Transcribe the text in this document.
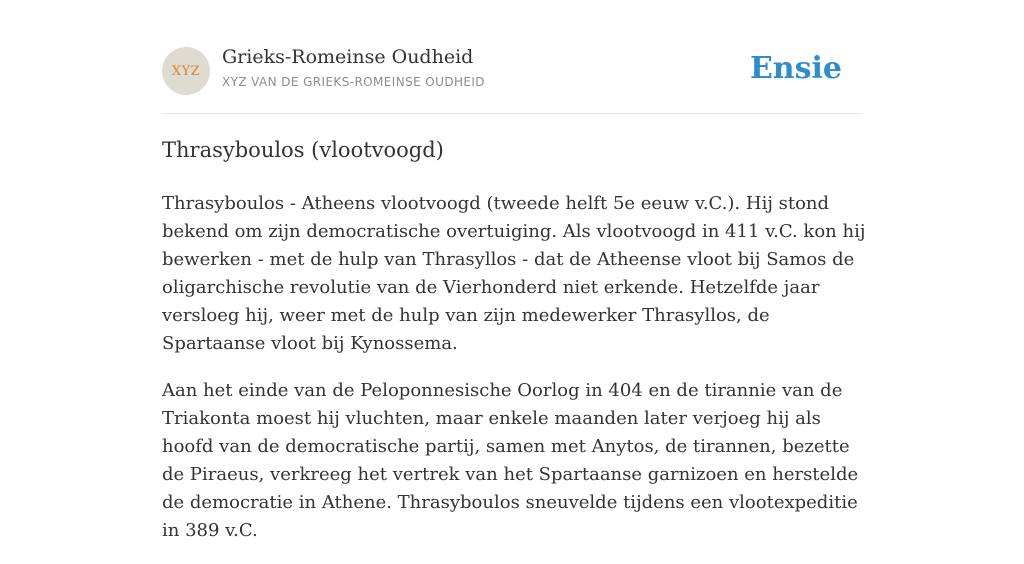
XYZ
Grieks-Romeinse Oudheid
XYZ VAN DE GRIEKS-ROMEINSE OUDHEID	Ensie
Thrasyboulos (vlootvoogd)

Thrasyboulos - Atheens vlootvoogd (tweede helft 5e eeuw v.C.). Hij stond bekend om zijn democratische overtuiging. Als vlootvoogd in 411 v.C. kon hij bewerken - met de hulp van Thrasyllos - dat de Atheense vloot bij Samos de oligarchische revolutie van de Vierhonderd niet erkende. Hetzelfde jaar versloeg hij, weer met de hulp van zijn medewerker Thrasyllos, de Spartaanse vloot bij Kynossema.

Aan het einde van de Peloponnesische Oorlog in 404 en de tirannie van de Triakonta moest hij vluchten, maar enkele maanden later verjoeg hij als hoofd van de democratische partij, samen met Anytos, de tirannen, bezette de Piraeus, verkreeg het vertrek van het Spartaanse garnizoen en herstelde de democratie in Athene. Thrasyboulos sneuvelde tijdens een vlootexpeditie in 389 v.C.
